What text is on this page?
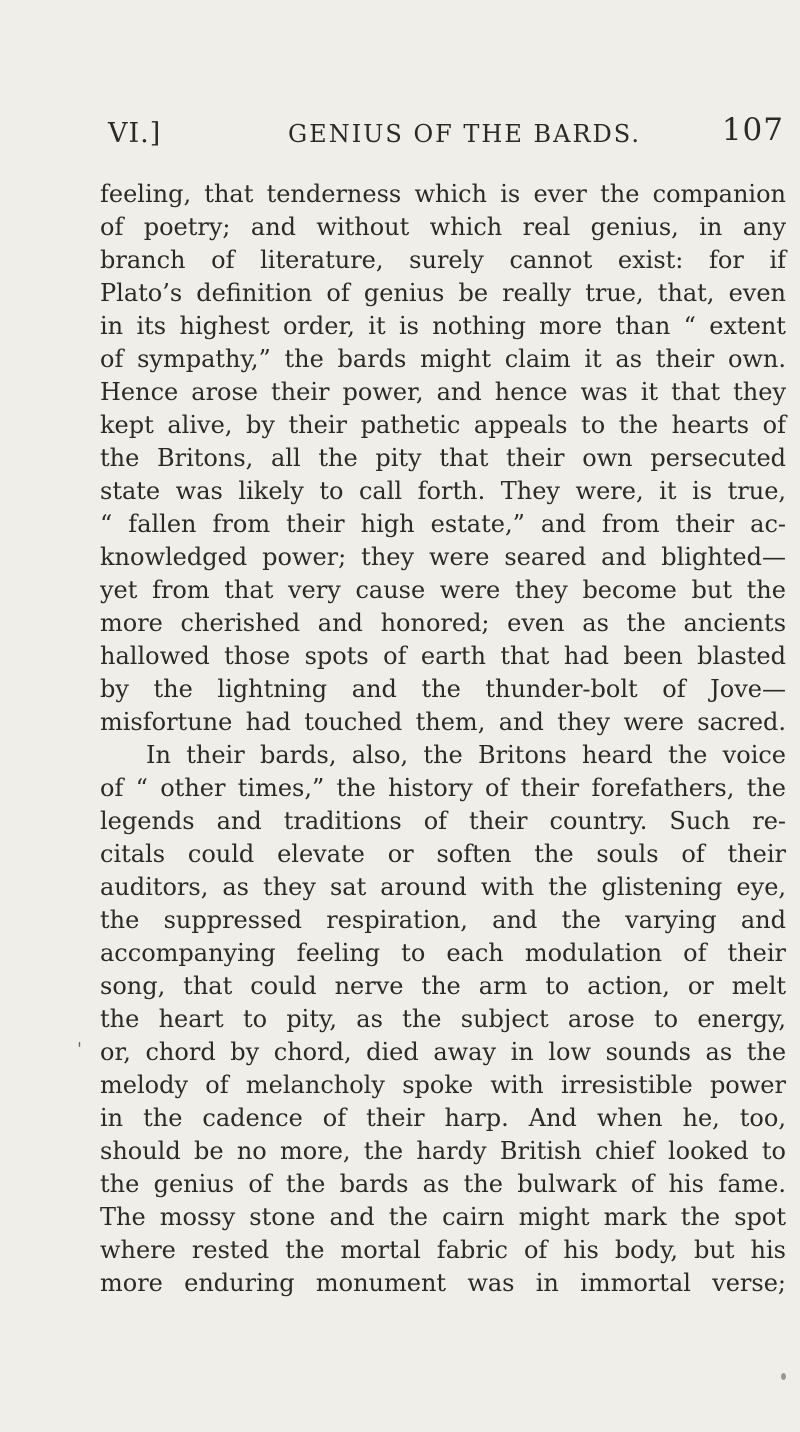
VI.]	GENIUS OF THE BARDS.	107
feeling, that tenderness which is ever the companion
of poetry; and without which real genius, in any
branch of literature, surely cannot exist: for if
Plato’s definition of genius be really true, that, even
in its highest order, it is nothing more than “ extent
of sympathy,” the bards might claim it as their own.
Hence arose their power, and hence was it that they
kept alive, by their pathetic appeals to the hearts of
the Britons, all the pity that their own persecuted
state was likely to call forth. They were, it is true,
“ fallen from their high estate,” and from their ac-
knowledged power; they were seared and blighted—
yet from that very cause were they become but the
more cherished and honored; even as the ancients
hallowed those spots of earth that had been blasted
by the lightning and the thunder-bolt of Jove—
misfortune had touched them, and they were sacred.
In their bards, also, the Britons heard the voice
of “ other times,” the history of their forefathers, the
legends and traditions of their country. Such re-
citals could elevate or soften the souls of their
auditors, as they sat around with the glistening eye,
the suppressed respiration, and the varying and
accompanying feeling to each modulation of their
song, that could nerve the arm to action, or melt
the heart to pity, as the subject arose to energy,
or, chord by chord, died away in low sounds as the
melody of melancholy spoke with irresistible power
in the cadence of their harp. And when he, too,
should be no more, the hardy British chief looked to
the genius of the bards as the bulwark of his fame.
The mossy stone and the cairn might mark the spot
where rested the mortal fabric of his body, but his
more enduring monument was in immortal verse;
'
